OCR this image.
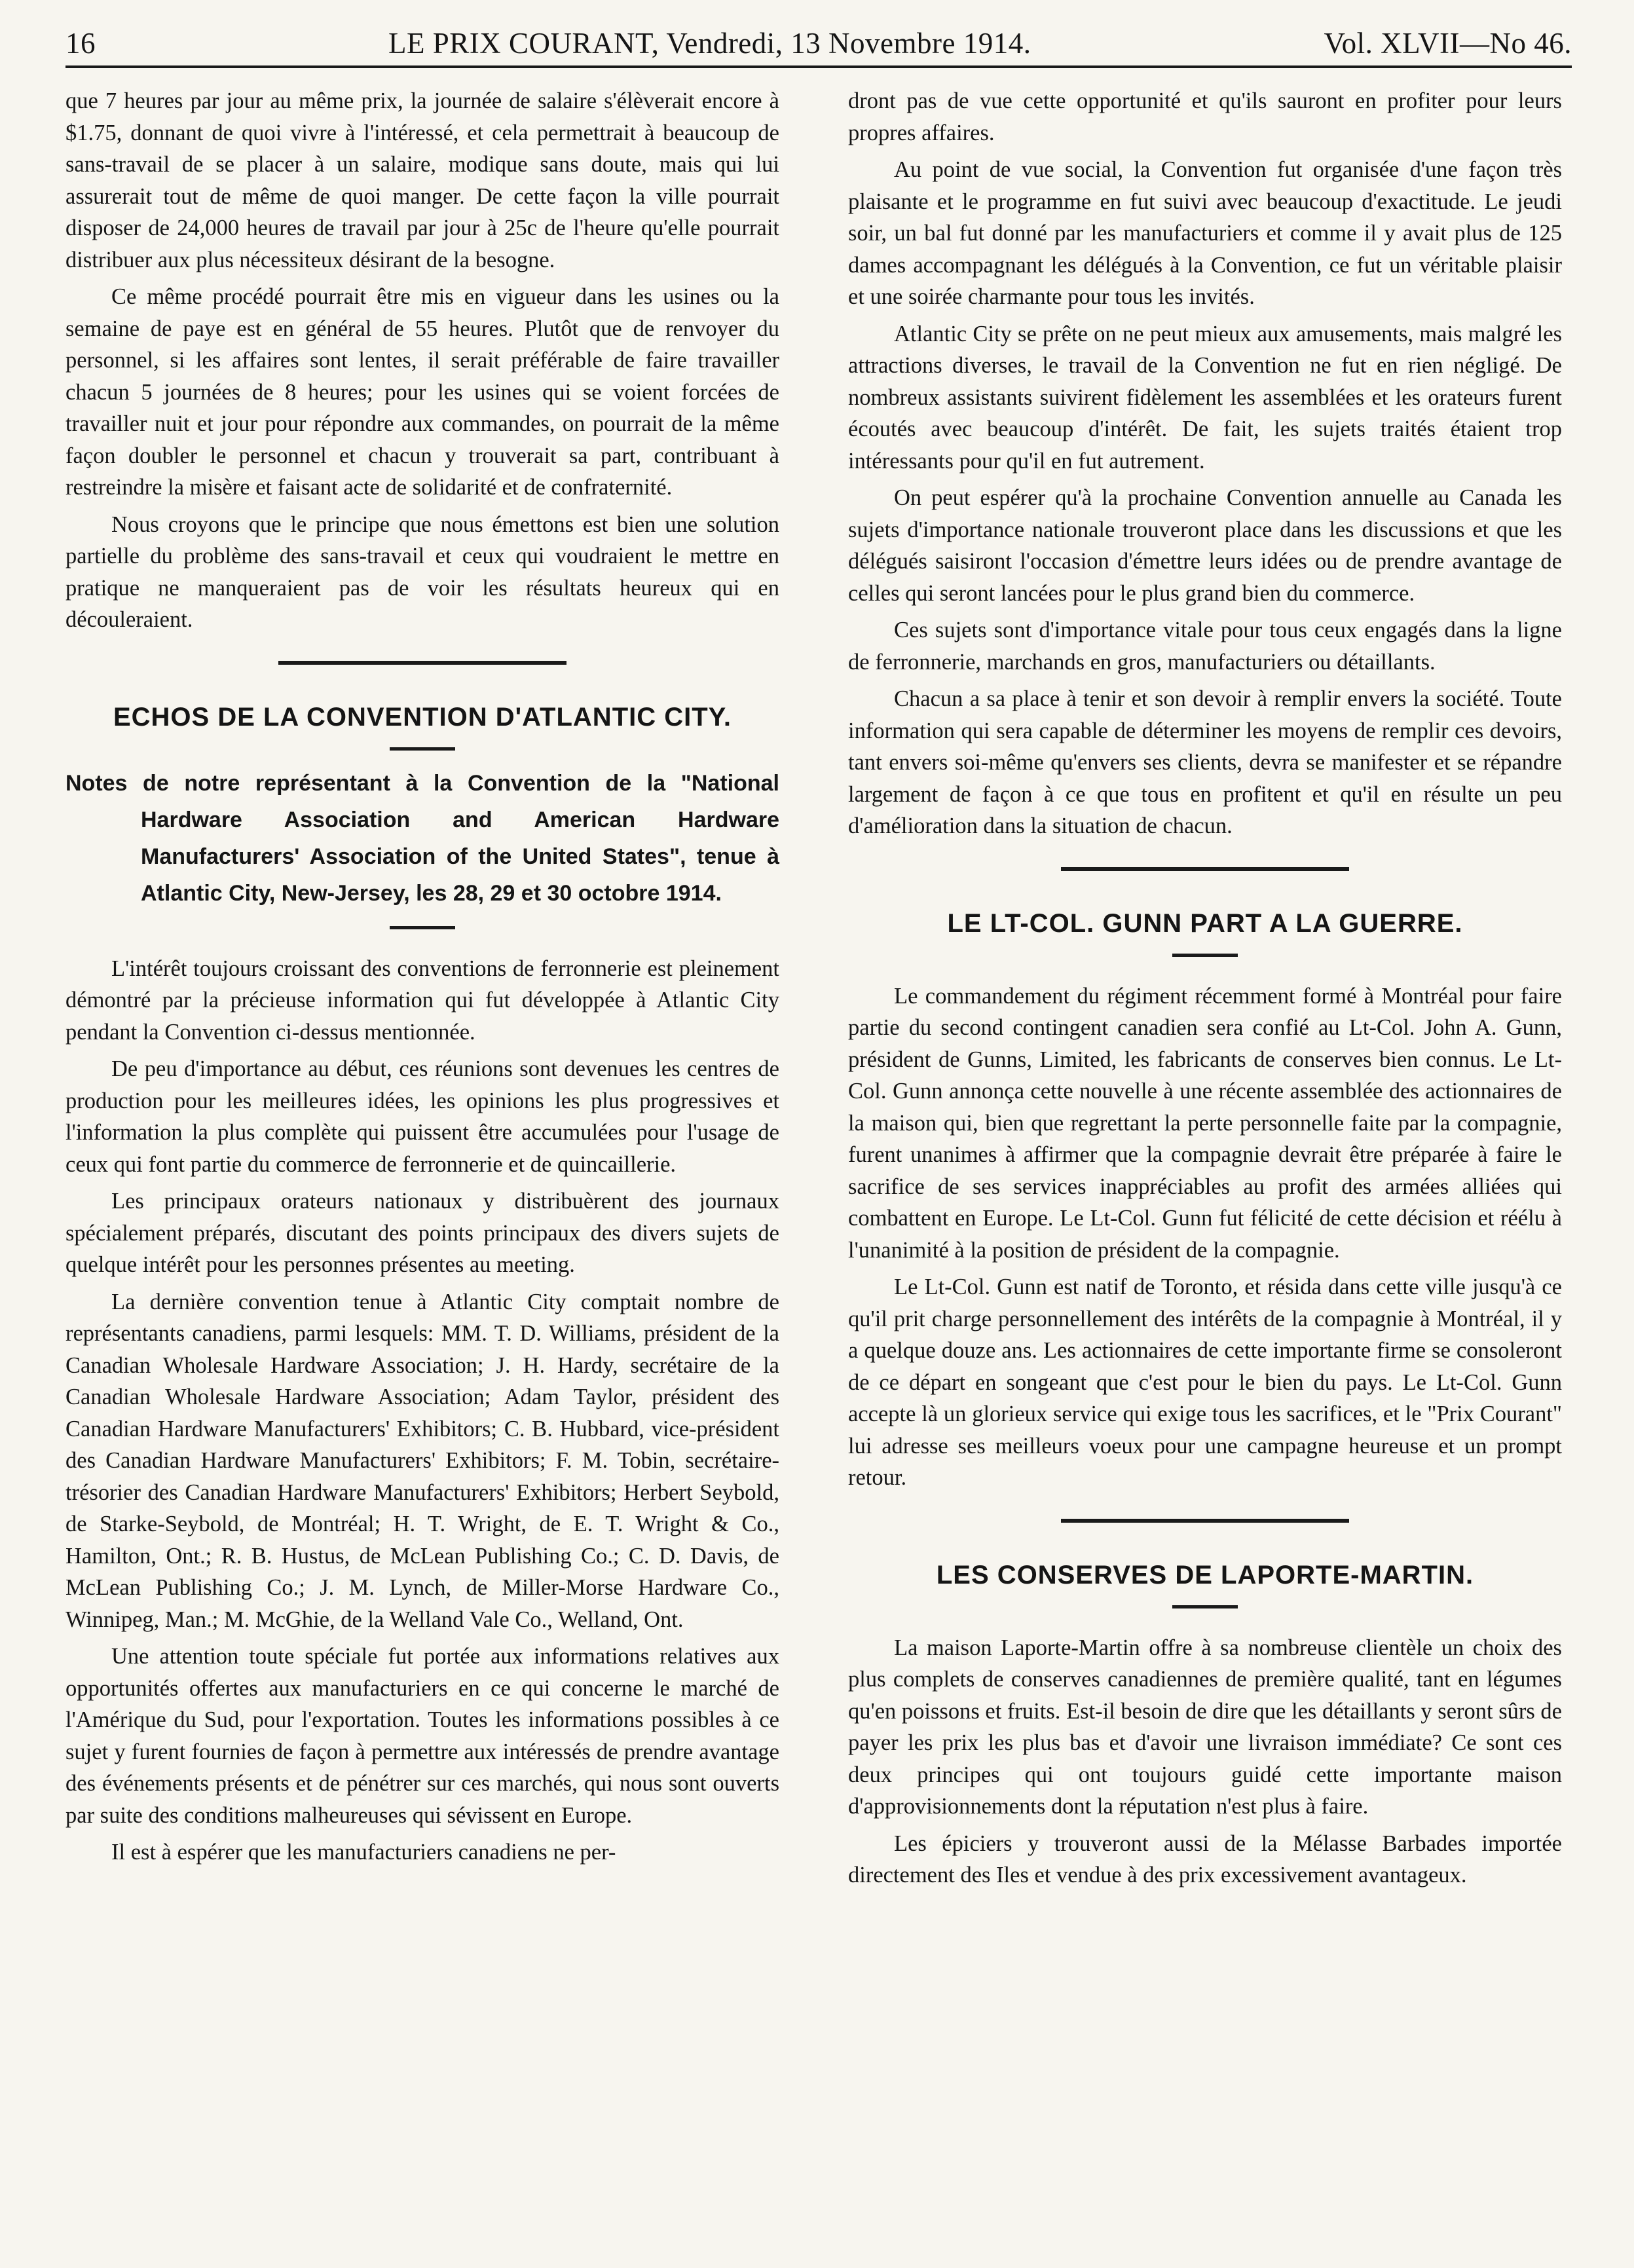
16	LE PRIX COURANT, Vendredi, 13 Novembre 1914.	Vol. XLVII—No 46.

que 7 heures par jour au même prix, la journée de salaire s'élèverait encore à $1.75, donnant de quoi vivre à l'intéressé, et cela permettrait à beaucoup de sans-travail de se placer à un salaire, modique sans doute, mais qui lui assurerait tout de même de quoi manger. De cette façon la ville pourrait disposer de 24,000 heures de travail par jour à 25c de l'heure qu'elle pourrait distribuer aux plus nécessiteux désirant de la besogne.

Ce même procédé pourrait être mis en vigueur dans les usines ou la semaine de paye est en général de 55 heures. Plutôt que de renvoyer du personnel, si les affaires sont lentes, il serait préférable de faire travailler chacun 5 journées de 8 heures; pour les usines qui se voient forcées de travailler nuit et jour pour répondre aux commandes, on pourrait de la même façon doubler le personnel et chacun y trouverait sa part, contribuant à restreindre la misère et faisant acte de solidarité et de confraternité.

Nous croyons que le principe que nous émettons est bien une solution partielle du problème des sans-travail et ceux qui voudraient le mettre en pratique ne manqueraient pas de voir les résultats heureux qui en découleraient.

ECHOS DE LA CONVENTION D'ATLANTIC CITY.
Notes de notre représentant à la Convention de la "National Hardware Association and American Hardware Manufacturers' Association of the United States", tenue à Atlantic City, New-Jersey, les 28, 29 et 30 octobre 1914.

L'intérêt toujours croissant des conventions de ferronnerie est pleinement démontré par la précieuse information qui fut développée à Atlantic City pendant la Convention ci-dessus mentionnée.

De peu d'importance au début, ces réunions sont devenues les centres de production pour les meilleures idées, les opinions les plus progressives et l'information la plus complète qui puissent être accumulées pour l'usage de ceux qui font partie du commerce de ferronnerie et de quincaillerie.

Les principaux orateurs nationaux y distribuèrent des journaux spécialement préparés, discutant des points principaux des divers sujets de quelque intérêt pour les personnes présentes au meeting.

La dernière convention tenue à Atlantic City comptait nombre de représentants canadiens, parmi lesquels: MM. T. D. Williams, président de la Canadian Wholesale Hardware Association; J. H. Hardy, secrétaire de la Canadian Wholesale Hardware Association; Adam Taylor, président des Canadian Hardware Manufacturers' Exhibitors; C. B. Hubbard, vice-président des Canadian Hardware Manufacturers' Exhibitors; F. M. Tobin, secrétaire-trésorier des Canadian Hardware Manufacturers' Exhibitors; Herbert Seybold, de Starke-Seybold, de Montréal; H. T. Wright, de E. T. Wright & Co., Hamilton, Ont.; R. B. Hustus, de McLean Publishing Co.; C. D. Davis, de McLean Publishing Co.; J. M. Lynch, de Miller-Morse Hardware Co., Winnipeg, Man.; M. McGhie, de la Welland Vale Co., Welland, Ont.

Une attention toute spéciale fut portée aux informations relatives aux opportunités offertes aux manufacturiers en ce qui concerne le marché de l'Amérique du Sud, pour l'exportation. Toutes les informations possibles à ce sujet y furent fournies de façon à permettre aux intéressés de prendre avantage des événements présents et de pénétrer sur ces marchés, qui nous sont ouverts par suite des conditions malheureuses qui sévissent en Europe.

Il est à espérer que les manufacturiers canadiens ne per-

dront pas de vue cette opportunité et qu'ils sauront en profiter pour leurs propres affaires.

Au point de vue social, la Convention fut organisée d'une façon très plaisante et le programme en fut suivi avec beaucoup d'exactitude. Le jeudi soir, un bal fut donné par les manufacturiers et comme il y avait plus de 125 dames accompagnant les délégués à la Convention, ce fut un véritable plaisir et une soirée charmante pour tous les invités.

Atlantic City se prête on ne peut mieux aux amusements, mais malgré les attractions diverses, le travail de la Convention ne fut en rien négligé. De nombreux assistants suivirent fidèlement les assemblées et les orateurs furent écoutés avec beaucoup d'intérêt. De fait, les sujets traités étaient trop intéressants pour qu'il en fut autrement.

On peut espérer qu'à la prochaine Convention annuelle au Canada les sujets d'importance nationale trouveront place dans les discussions et que les délégués saisiront l'occasion d'émettre leurs idées ou de prendre avantage de celles qui seront lancées pour le plus grand bien du commerce.

Ces sujets sont d'importance vitale pour tous ceux engagés dans la ligne de ferronnerie, marchands en gros, manufacturiers ou détaillants.

Chacun a sa place à tenir et son devoir à remplir envers la société. Toute information qui sera capable de déterminer les moyens de remplir ces devoirs, tant envers soi-même qu'envers ses clients, devra se manifester et se répandre largement de façon à ce que tous en profitent et qu'il en résulte un peu d'amélioration dans la situation de chacun.

LE LT-COL. GUNN PART A LA GUERRE.

Le commandement du régiment récemment formé à Montréal pour faire partie du second contingent canadien sera confié au Lt-Col. John A. Gunn, président de Gunns, Limited, les fabricants de conserves bien connus. Le Lt-Col. Gunn annonça cette nouvelle à une récente assemblée des actionnaires de la maison qui, bien que regrettant la perte personnelle faite par la compagnie, furent unanimes à affirmer que la compagnie devrait être préparée à faire le sacrifice de ses services inappréciables au profit des armées alliées qui combattent en Europe. Le Lt-Col. Gunn fut félicité de cette décision et réélu à l'unanimité à la position de président de la compagnie.

Le Lt-Col. Gunn est natif de Toronto, et résida dans cette ville jusqu'à ce qu'il prit charge personnellement des intérêts de la compagnie à Montréal, il y a quelque douze ans. Les actionnaires de cette importante firme se consoleront de ce départ en songeant que c'est pour le bien du pays. Le Lt-Col. Gunn accepte là un glorieux service qui exige tous les sacrifices, et le "Prix Courant" lui adresse ses meilleurs voeux pour une campagne heureuse et un prompt retour.

LES CONSERVES DE LAPORTE-MARTIN.

La maison Laporte-Martin offre à sa nombreuse clientèle un choix des plus complets de conserves canadiennes de première qualité, tant en légumes qu'en poissons et fruits. Est-il besoin de dire que les détaillants y seront sûrs de payer les prix les plus bas et d'avoir une livraison immédiate? Ce sont ces deux principes qui ont toujours guidé cette importante maison d'approvisionnements dont la réputation n'est plus à faire.

Les épiciers y trouveront aussi de la Mélasse Barbades importée directement des Iles et vendue à des prix excessivement avantageux.
